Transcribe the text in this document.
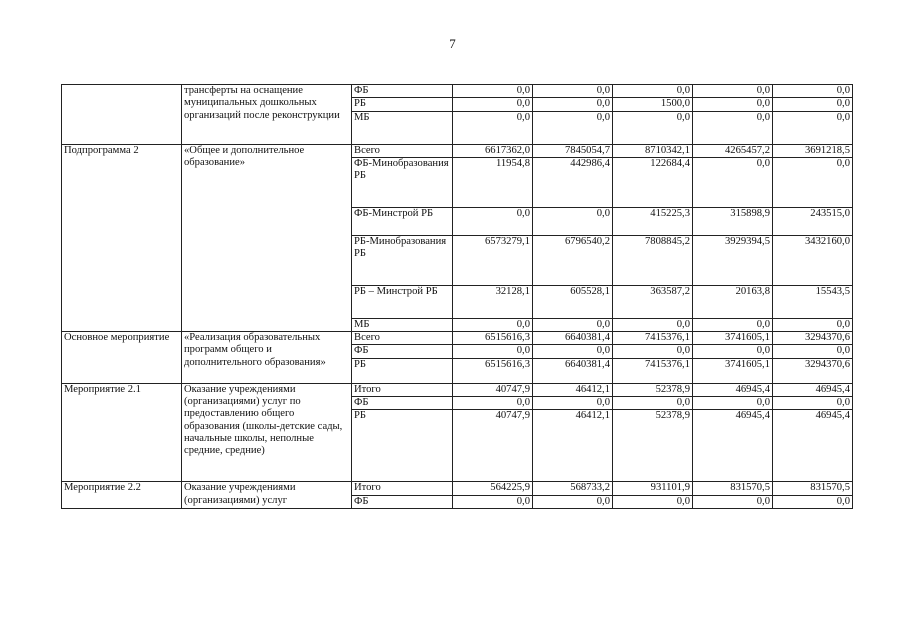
7
	трансферты на оснащение муниципальных дошкольных организаций после реконструкции	ФБ	0,0	0,0	0,0	0,0	0,0
		РБ	0,0	0,0	1500,0	0,0	0,0
		МБ	0,0	0,0	0,0	0,0	0,0
Подпрограмма 2	«Общее и дополнительное образование»	Всего	6617362,0	7845054,7	8710342,1	4265457,2	3691218,5
		ФБ-Минобразования РБ	11954,8	442986,4	122684,4	0,0	0,0
		ФБ-Минстрой РБ	0,0	0,0	415225,3	315898,9	243515,0
		РБ-Минобразования РБ	6573279,1	6796540,2	7808845,2	3929394,5	3432160,0
		РБ – Минстрой РБ	32128,1	605528,1	363587,2	20163,8	15543,5
		МБ	0,0	0,0	0,0	0,0	0,0
Основное мероприятие	«Реализация образовательных программ общего и дополнительного образования»	Всего	6515616,3	6640381,4	7415376,1	3741605,1	3294370,6
		ФБ	0,0	0,0	0,0	0,0	0,0
		РБ	6515616,3	6640381,4	7415376,1	3741605,1	3294370,6
Мероприятие 2.1	Оказание учреждениями (организациями) услуг по предоставлению общего образования (школы-детские сады, начальные школы, неполные средние, средние)	Итого	40747,9	46412,1	52378,9	46945,4	46945,4
		ФБ	0,0	0,0	0,0	0,0	0,0
		РБ	40747,9	46412,1	52378,9	46945,4	46945,4
Мероприятие 2.2	Оказание учреждениями (организациями) услуг	Итого	564225,9	568733,2	931101,9	831570,5	831570,5
		ФБ	0,0	0,0	0,0	0,0	0,0
